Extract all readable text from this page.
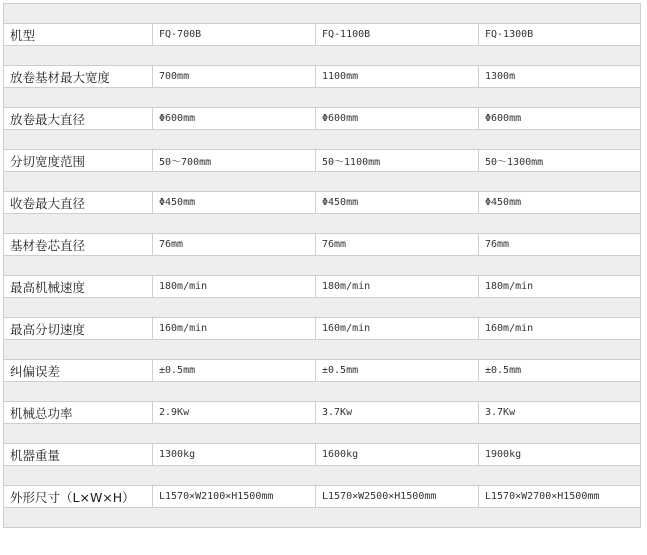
机型	FQ-700B	FQ-1100B	FQ-1300B

放卷基材最大宽度	700mm	1100mm	1300m

放卷最大直径	Φ600mm	Φ600mm	Φ600mm

分切宽度范围	50～700mm	50～1100mm	50～1300mm

收卷最大直径	Φ450mm	Φ450mm	Φ450mm

基材卷芯直径	76mm	76mm	76mm

最高机械速度	180m/min	180m/min	180m/min

最高分切速度	160m/min	160m/min	160m/min

纠偏误差	±0.5mm	±0.5mm	±0.5mm

机械总功率	2.9Kw	3.7Kw	3.7Kw

机器重量	1300kg	1600kg	1900kg

外形尺寸（L×W×H）	L1570×W2100×H1500mm	L1570×W2500×H1500mm	L1570×W2700×H1500mm
